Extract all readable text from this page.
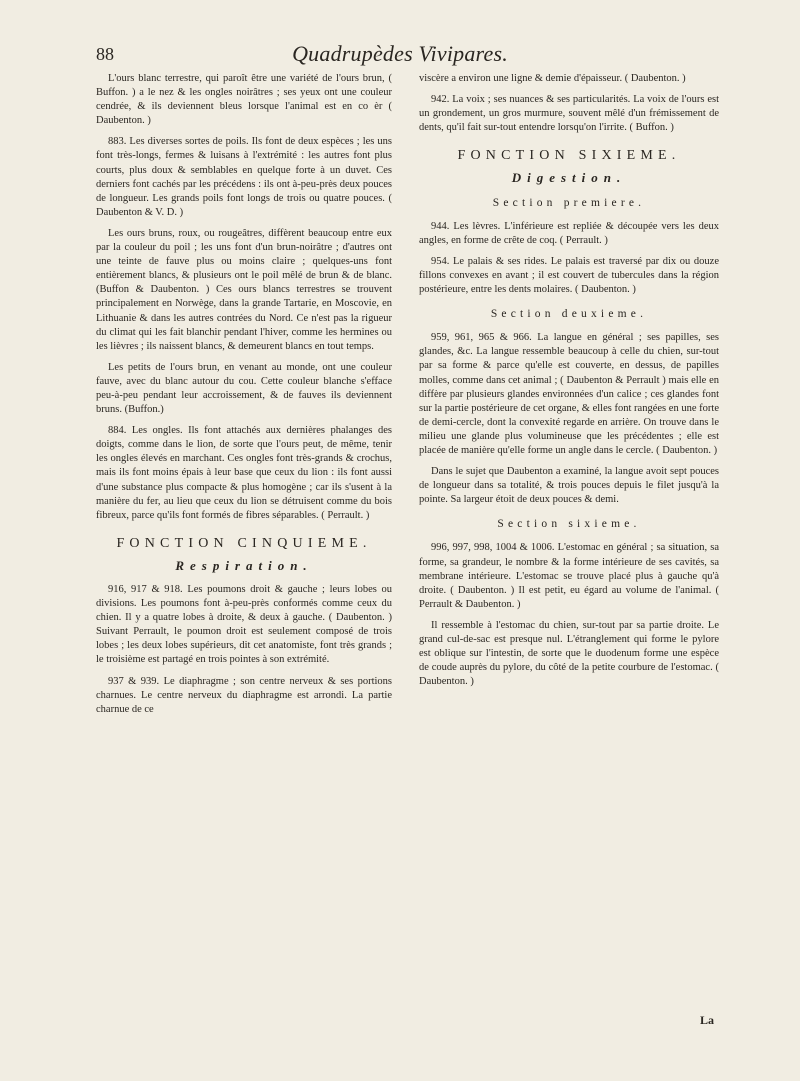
88	Quadrupèdes Vivipares.

L'ours blanc terrestre, qui paroît être une variété de l'ours brun, ( Buffon. ) a le nez & les ongles noirâtres ; ses yeux ont une couleur cendrée, & ils deviennent bleus lorsque l'animal est en co èr ( Daubenton. )

883. Les diverses sortes de poils. Ils font de deux espèces ; les uns font très-longs, fermes & luisans à l'extrémité : les autres font plus courts, plus doux & semblables en quelque forte à un duvet. Ces derniers font cachés par les précédens : ils ont à-peu-près deux pouces de longueur. Les grands poils font longs de trois ou quatre pouces. ( Daubenton & V. D. )

Les ours bruns, roux, ou rougeâtres, diffèrent beaucoup entre eux par la couleur du poil ; les uns font d'un brun-noirâtre ; d'autres ont une teinte de fauve plus ou moins claire ; quelques-uns font entièrement blancs, & plusieurs ont le poil mêlé de brun & de blanc. (Buffon & Daubenton. ) Ces ours blancs terrestres se trouvent principalement en Norwège, dans la grande Tartarie, en Moscovie, en Lithuanie & dans les autres contrées du Nord. Ce n'est pas la rigueur du climat qui les fait blanchir pendant l'hiver, comme les hermines ou les lièvres ; ils naissent blancs, & demeurent blancs en tout temps.

Les petits de l'ours brun, en venant au monde, ont une couleur fauve, avec du blanc autour du cou. Cette couleur blanche s'efface peu-à-peu pendant leur accroissement, & de fauves ils deviennent bruns. (Buffon.)

884. Les ongles. Ils font attachés aux dernières phalanges des doigts, comme dans le lion, de sorte que l'ours peut, de même, tenir les ongles élevés en marchant. Ces ongles font très-grands & crochus, mais ils font moins épais à leur base que ceux du lion : ils font aussi d'une substance plus compacte & plus homogène ; car ils s'usent à la manière du fer, au lieu que ceux du lion se détruisent comme du bois fibreux, parce qu'ils font formés de fibres séparables. ( Perrault. )

FONCTION CINQUIEME.
Respiration.

916, 917 & 918. Les poumons droit & gauche ; leurs lobes ou divisions. Les poumons font à-peu-près conformés comme ceux du chien. Il y a quatre lobes à droite, & deux à gauche. ( Daubenton. ) Suivant Perrault, le poumon droit est seulement composé de trois lobes ; les deux lobes supérieurs, dit cet anatomiste, font très grands ; le troisième est partagé en trois pointes à son extrémité.

937 & 939. Le diaphragme ; son centre nerveux & ses portions charnues. Le centre nerveux du diaphragme est arrondi. La partie charnue de ce

viscère a environ une ligne & demie d'épaisseur. ( Daubenton. )

942. La voix ; ses nuances & ses particularités. La voix de l'ours est un grondement, un gros murmure, souvent mêlé d'un frémissement de dents, qu'il fait sur-tout entendre lorsqu'on l'irrite. ( Buffon. )

FONCTION SIXIEME.
Digestion.
Section premiere.

944. Les lèvres. L'inférieure est repliée & découpée vers les deux angles, en forme de crête de coq. ( Perrault. )

954. Le palais & ses rides. Le palais est traversé par dix ou douze fillons convexes en avant ; il est couvert de tubercules dans la région postérieure, entre les dents molaires. ( Daubenton. )

Section deuxieme.

959, 961, 965 & 966. La langue en général ; ses papilles, ses glandes, &c. La langue ressemble beaucoup à celle du chien, sur-tout par sa forme & parce qu'elle est couverte, en dessus, de papilles molles, comme dans cet animal ; ( Daubenton & Perrault ) mais elle en diffère par plusieurs glandes environnées d'un calice ; ces glandes font sur la partie postérieure de cet organe, & elles font rangées en une forte de demi-cercle, dont la convexité regarde en arrière. On trouve dans le milieu une glande plus volumineuse que les précédentes ; elle est placée de manière qu'elle forme un angle dans le cercle. ( Daubenton. )

Dans le sujet que Daubenton a examiné, la langue avoit sept pouces de longueur dans sa totalité, & trois pouces depuis le filet jusqu'à la pointe. Sa largeur étoit de deux pouces & demi.

Section sixieme.

996, 997, 998, 1004 & 1006. L'estomac en général ; sa situation, sa forme, sa grandeur, le nombre & la forme intérieure de ses cavités, sa membrane intérieure. L'estomac se trouve placé plus à gauche qu'à droite. ( Daubenton. ) Il est petit, eu égard au volume de l'animal. ( Perrault & Daubenton. )

Il ressemble à l'estomac du chien, sur-tout par sa partie droite. Le grand cul-de-sac est presque nul. L'étranglement qui forme le pylore est oblique sur l'intestin, de sorte que le duodenum forme une espèce de coude auprès du pylore, du côté de la petite courbure de l'estomac. ( Daubenton. )

La
